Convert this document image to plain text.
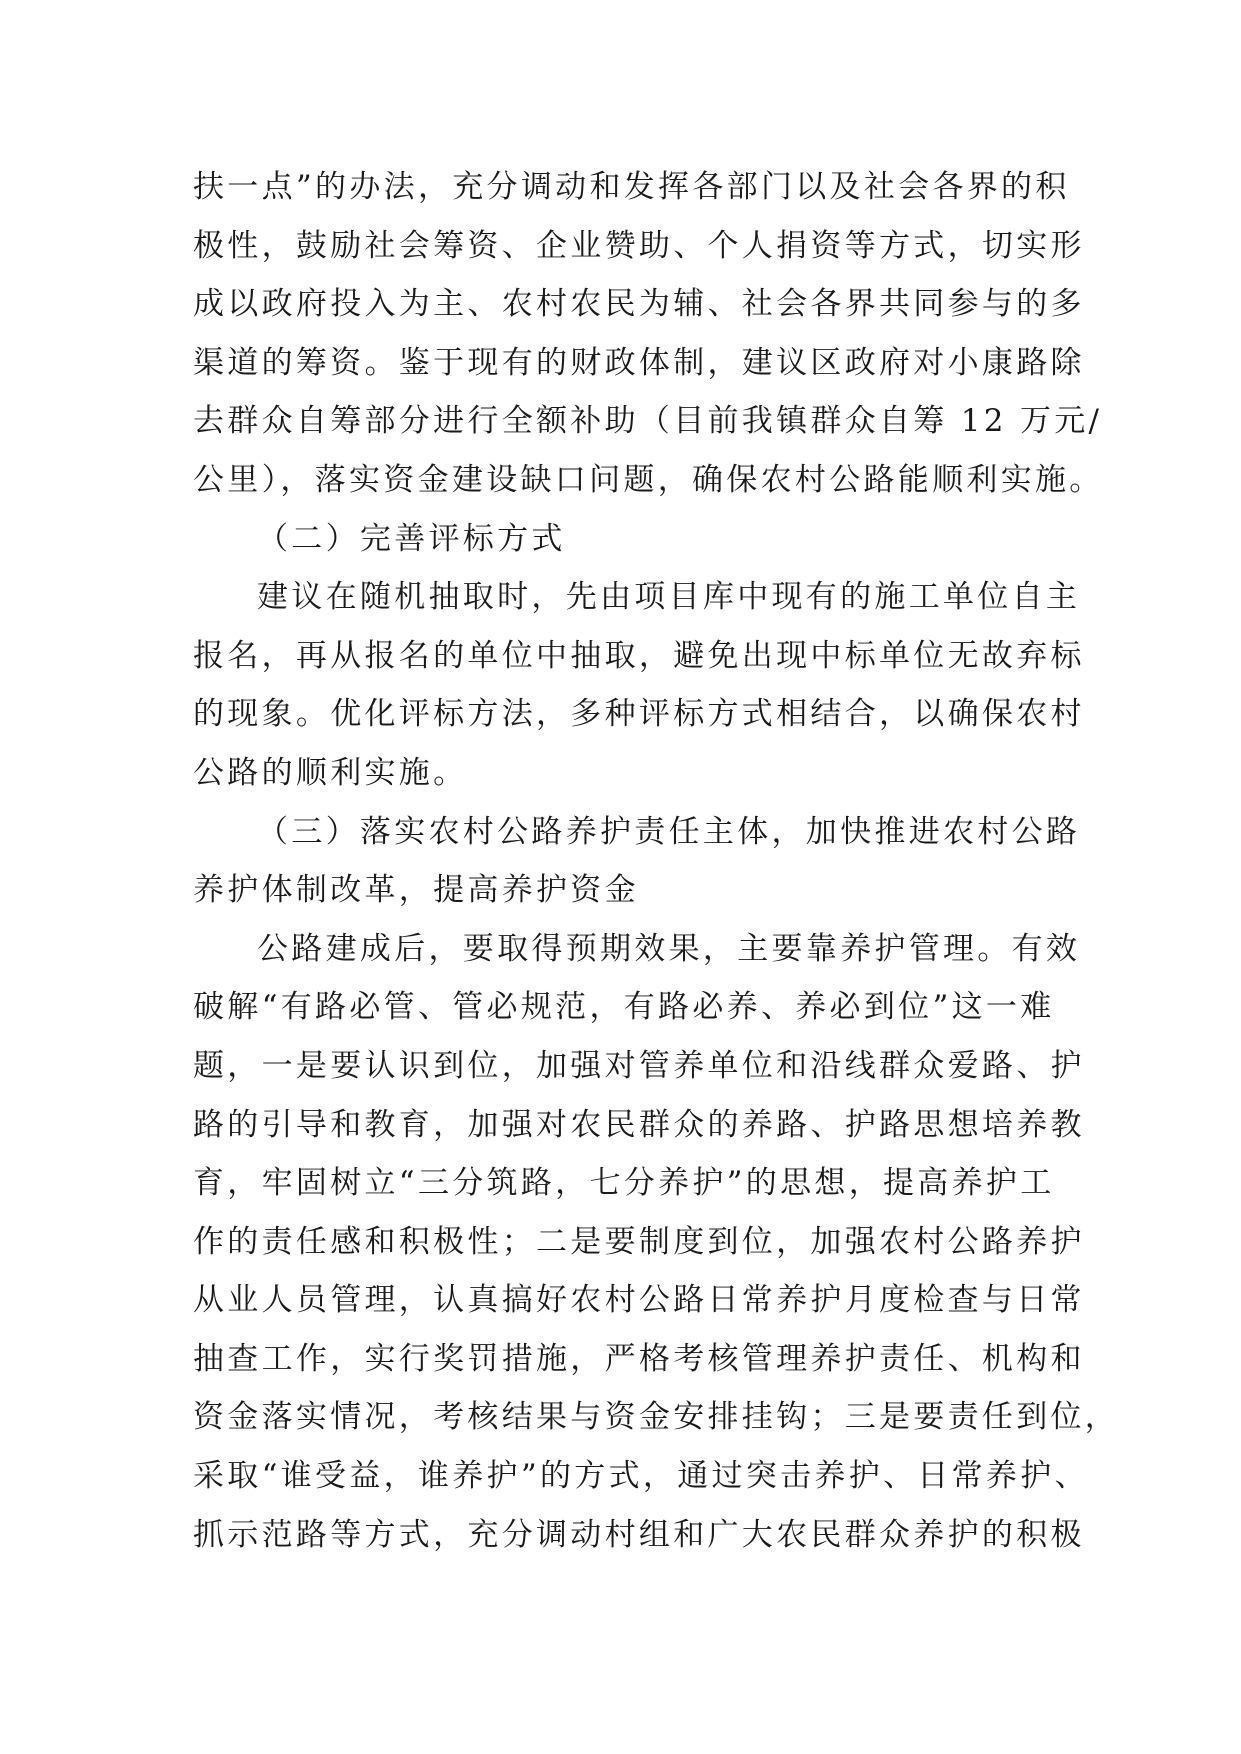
扶一点”的办法，充分调动和发挥各部门以及社会各界的积
极性，鼓励社会筹资、企业赞助、个人捐资等方式，切实形
成以政府投入为主、农村农民为辅、社会各界共同参与的多
渠道的筹资。鉴于现有的财政体制，建议区政府对小康路除
去群众自筹部分进行全额补助（目前我镇群众自筹 12 万元/
公里），落实资金建设缺口问题，确保农村公路能顺利实施。
（二）完善评标方式
建议在随机抽取时，先由项目库中现有的施工单位自主
报名，再从报名的单位中抽取，避免出现中标单位无故弃标
的现象。优化评标方法，多种评标方式相结合，以确保农村
公路的顺利实施。
（三）落实农村公路养护责任主体，加快推进农村公路
养护体制改革，提高养护资金
公路建成后，要取得预期效果，主要靠养护管理。有效
破解“有路必管、管必规范，有路必养、养必到位”这一难
题，一是要认识到位，加强对管养单位和沿线群众爱路、护
路的引导和教育，加强对农民群众的养路、护路思想培养教
育，牢固树立“三分筑路，七分养护”的思想，提高养护工
作的责任感和积极性；二是要制度到位，加强农村公路养护
从业人员管理，认真搞好农村公路日常养护月度检查与日常
抽查工作，实行奖罚措施，严格考核管理养护责任、机构和
资金落实情况，考核结果与资金安排挂钩；三是要责任到位，
采取“谁受益，谁养护”的方式，通过突击养护、日常养护、
抓示范路等方式，充分调动村组和广大农民群众养护的积极
